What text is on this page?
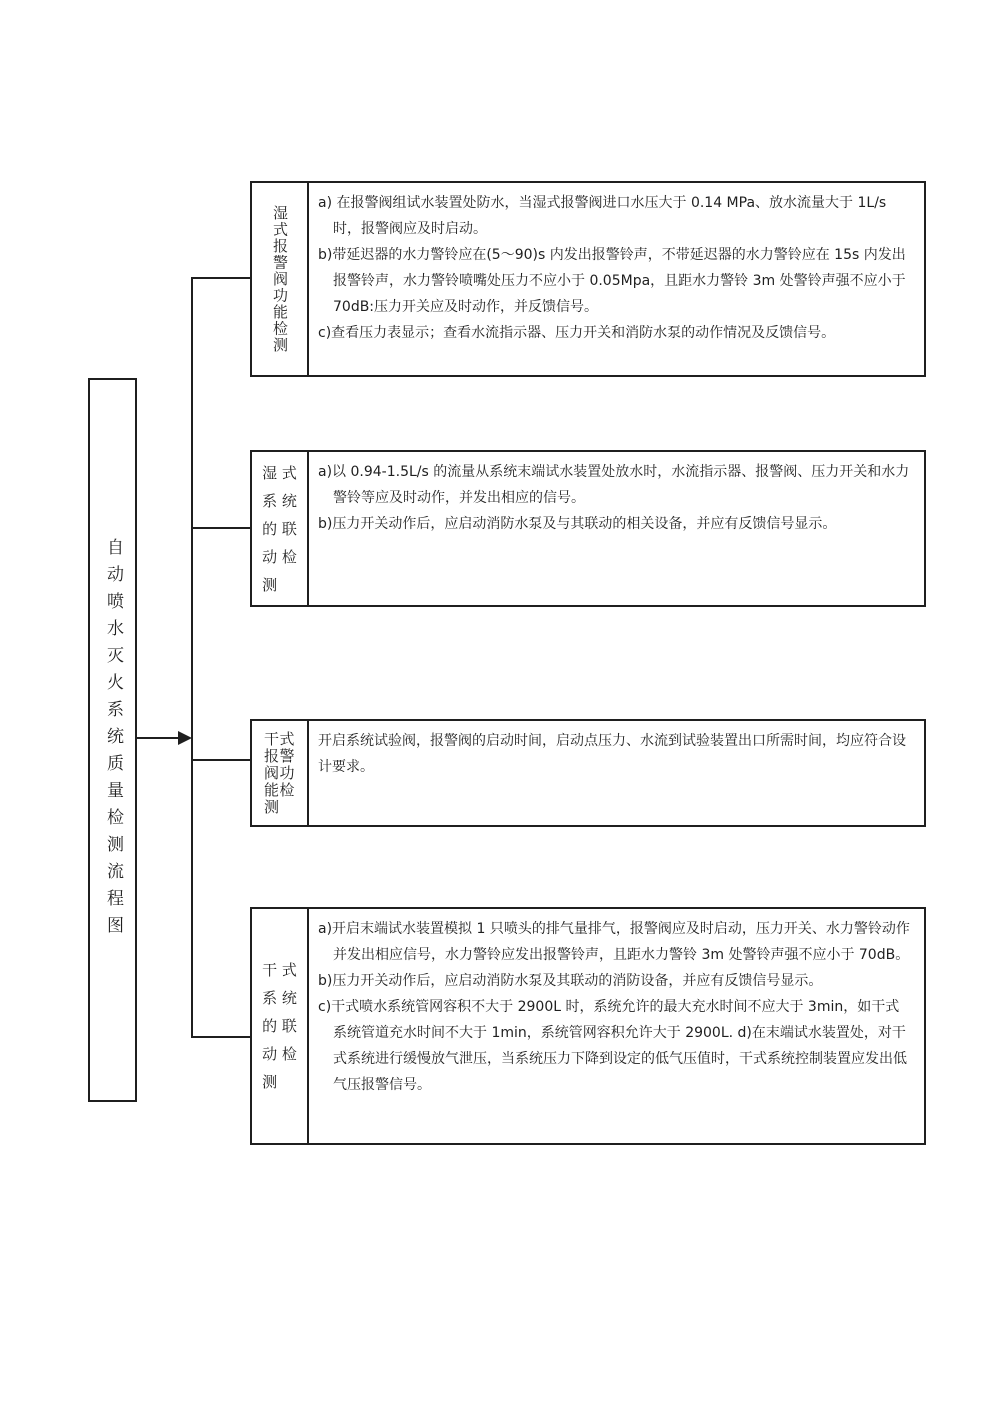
自动喷水灭火系统质量检测流程图
湿式报警阀功能检测

a) 在报警阀组试水装置处防水，当湿式报警阀进口水压大于 0.14 MPa、放水流量大于 1L/s 时，报警阀应及时启动。

b)带延迟器的水力警铃应在(5～90)s 内发出报警铃声，不带延迟器的水力警铃应在 15s 内发出报警铃声，水力警铃喷嘴处压力不应小于 0.05Mpa，且距水力警铃 3m 处警铃声强不应小于 70dB:压力开关应及时动作，并反馈信号。

c)查看压力表显示；查看水流指示器、压力开关和消防水泵的动作情况及反馈信号。

湿 式
系 统
的 联
动 检
测

a)以 0.94-1.5L/s 的流量从系统末端试水装置处放水时，水流指示器、报警阀、压力开关和水力警铃等应及时动作，并发出相应的信号。

b)压力开关动作后，应启动消防水泵及与其联动的相关设备，并应有反馈信号显示。

干式
报警
阀功
能检
测

开启系统试验阀，报警阀的启动时间，启动点压力、水流到试验装置出口所需时间，均应符合设计要求。

干 式
系 统
的 联
动 检
测

a)开启末端试水装置模拟 1 只喷头的排气量排气，报警阀应及时启动，压力开关、水力警铃动作并发出相应信号，水力警铃应发出报警铃声，且距水力警铃 3m 处警铃声强不应小于 70dB。

b)压力开关动作后，应启动消防水泵及其联动的消防设备，并应有反馈信号显示。

c)干式喷水系统管网容积不大于 2900L 时，系统允许的最大充水时间不应大于 3min，如干式系统管道充水时间不大于 1min，系统管网容积允许大于 2900L. d)在末端试水装置处，对干式系统进行缓慢放气泄压，当系统压力下降到设定的低气压值时，干式系统控制装置应发出低气压报警信号。
